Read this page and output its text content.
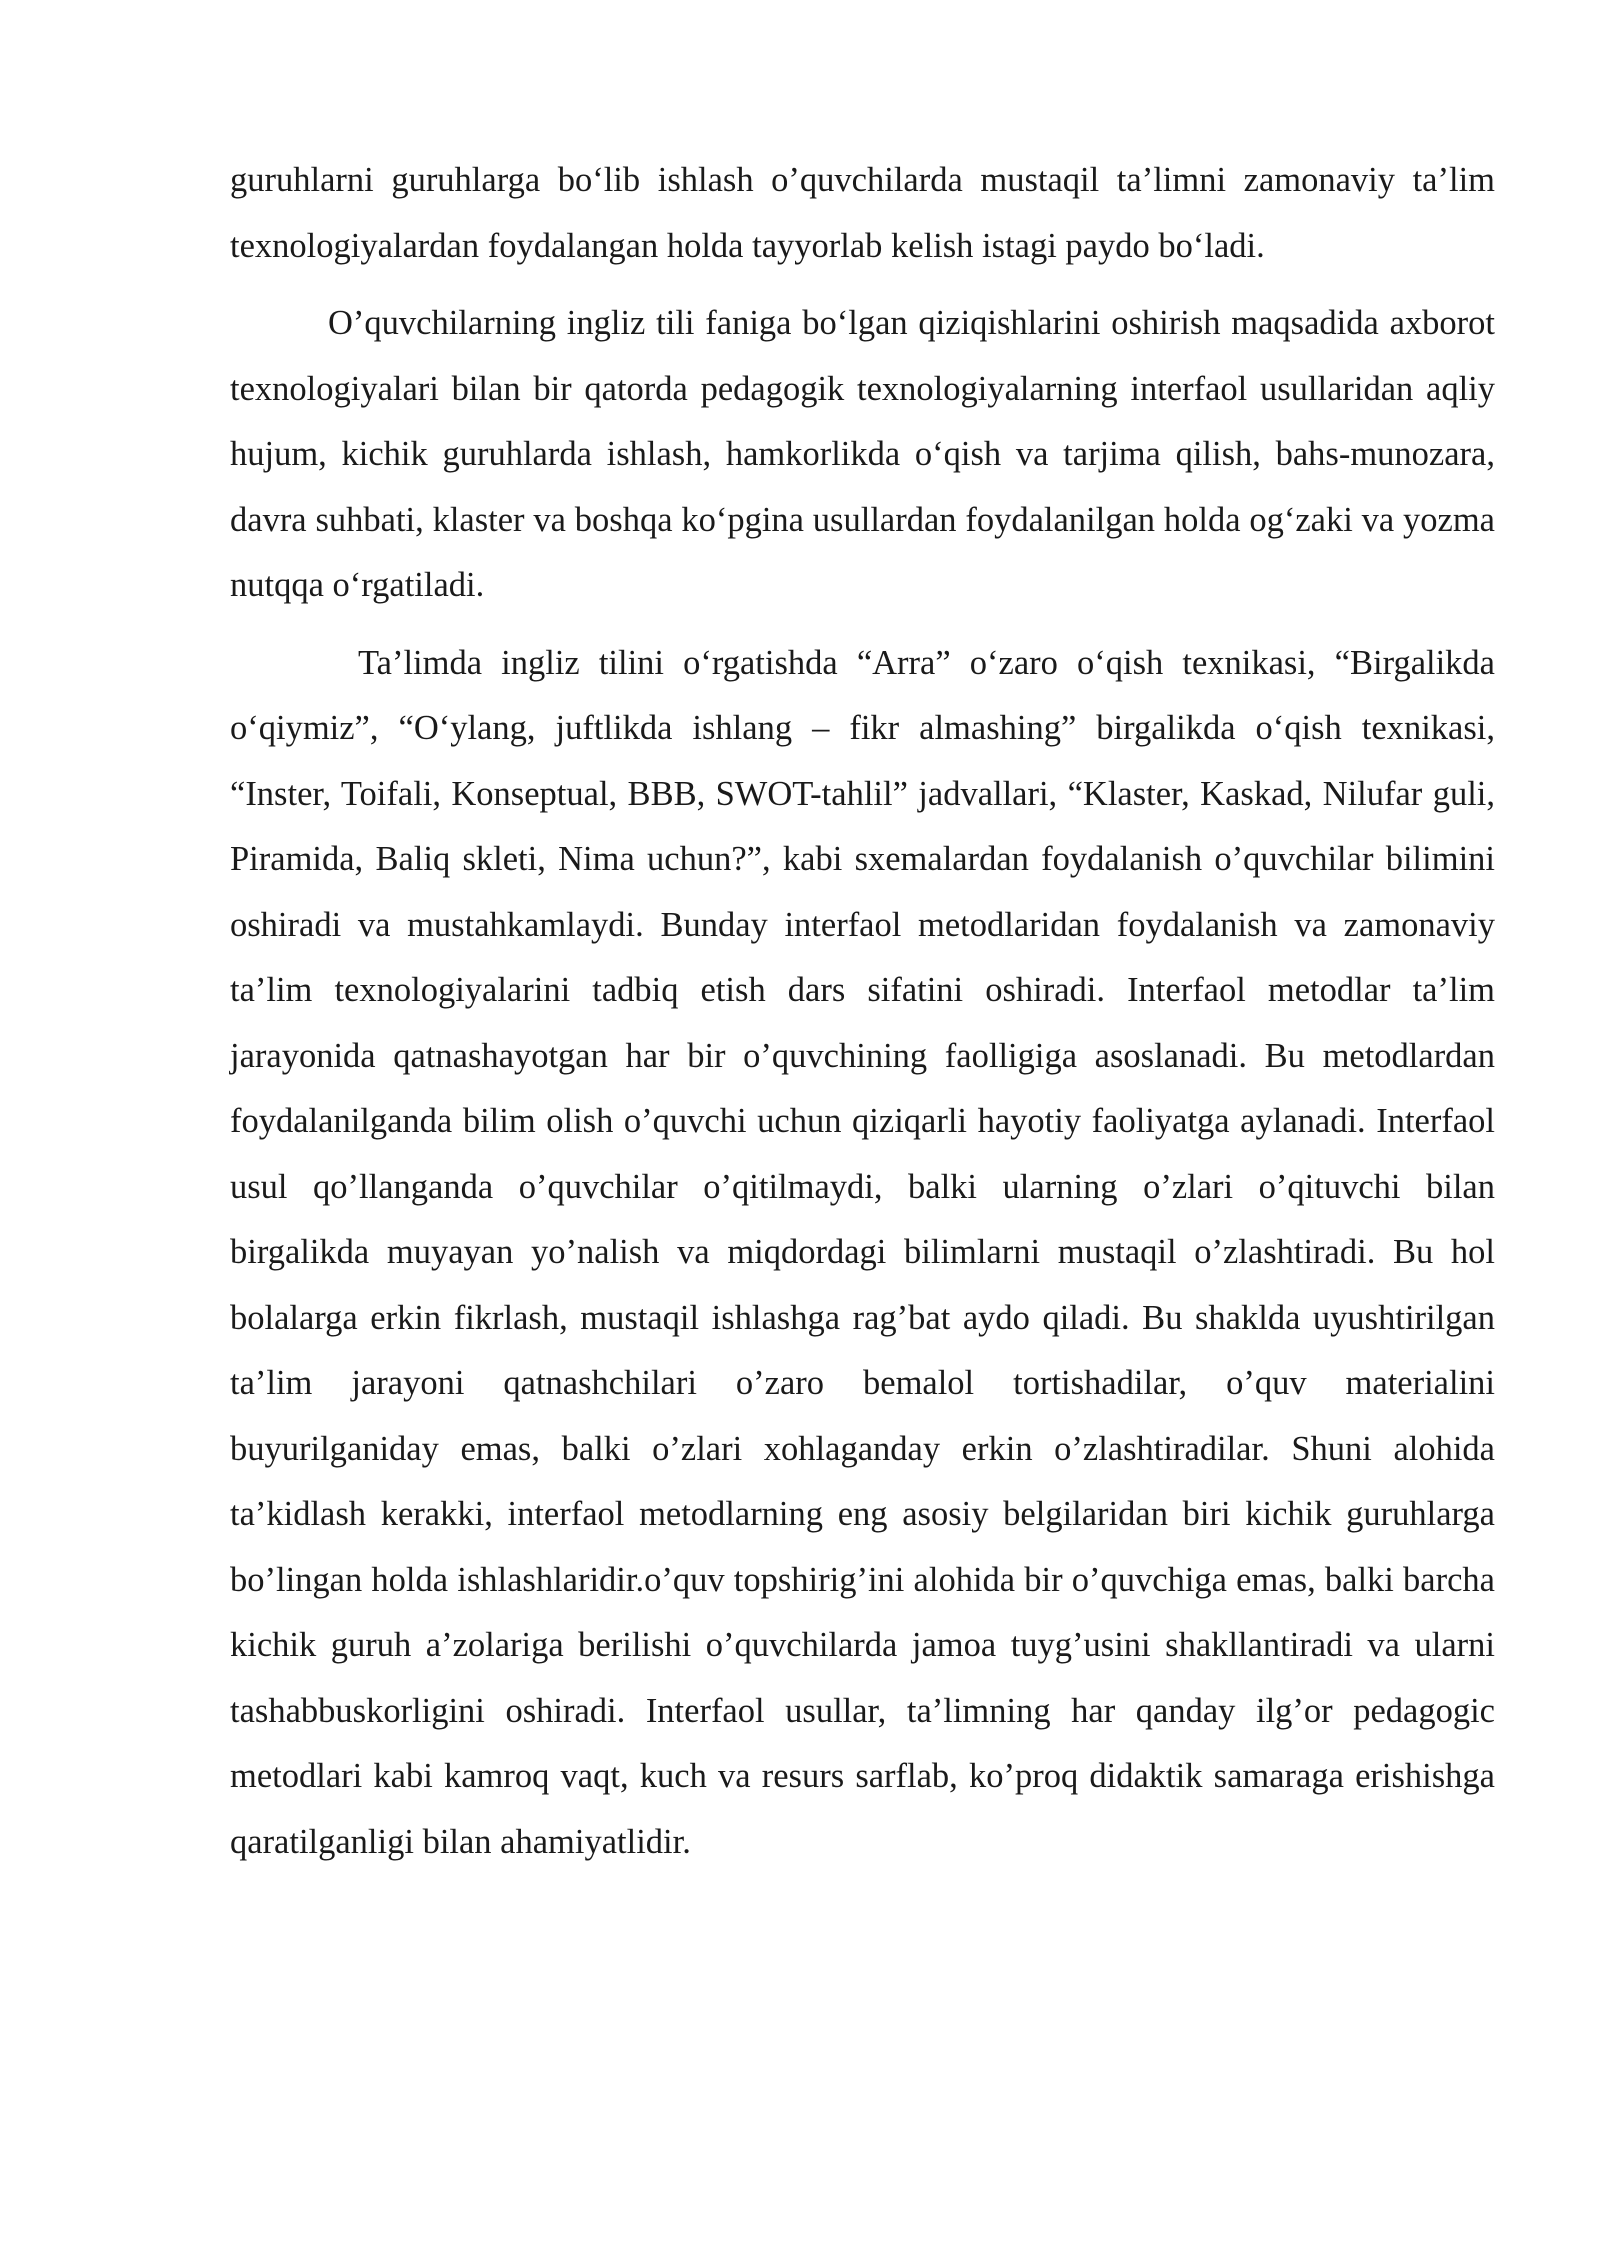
guruhlarni guruhlarga bo‘lib ishlash o’quvchilarda mustaqil ta’limni zamonaviy ta’lim texnologiyalardan foydalangan holda tayyorlab kelish istagi paydo bo‘ladi.

O’quvchilarning ingliz tili faniga bo‘lgan qiziqishlarini oshirish maqsadida axborot texnologiyalari bilan bir qatorda pedagogik texnologiyalarning interfaol usullaridan aqliy hujum, kichik guruhlarda ishlash, hamkorlikda o‘qish va tarjima qilish, bahs-munozara, davra suhbati, klaster va boshqa ko‘pgina usullardan foydalanilgan holda og‘zaki va yozma nutqqa o‘rgatiladi.

Ta’limda ingliz tilini o‘rgatishda “Arra” o‘zaro o‘qish texnikasi, “Birgalikda o‘qiymiz”, “O‘ylang, juftlikda ishlang – fikr almashing” birgalikda o‘qish texnikasi, “Inster, Toifali, Konseptual, BBB, SWOT-tahlil” jadvallari, “Klaster, Kaskad, Nilufar guli, Piramida, Baliq skleti, Nima uchun?”, kabi sxemalardan foydalanish o’quvchilar bilimini oshiradi va mustahkamlaydi. Bunday interfaol metodlaridan foydalanish va zamonaviy ta’lim texnologiyalarini tadbiq etish dars sifatini oshiradi. Interfaol metodlar ta’lim jarayonida qatnashayotgan har bir o’quvchining faolligiga asoslanadi. Bu metodlardan foydalanilganda bilim olish o’quvchi uchun qiziqarli hayotiy faoliyatga aylanadi. Interfaol usul qo’llanganda o’quvchilar o’qitilmaydi, balki ularning o’zlari o’qituvchi bilan birgalikda muyayan yo’nalish va miqdordagi bilimlarni mustaqil o’zlashtiradi. Bu hol bolalarga erkin fikrlash, mustaqil ishlashga rag’bat aydo qiladi. Bu shaklda uyushtirilgan ta’lim jarayoni qatnashchilari o’zaro bemalol tortishadilar, o’quv materialini buyurilganiday emas, balki o’zlari xohlaganday erkin o’zlashtiradilar. Shuni alohida ta’kidlash kerakki, interfaol metodlarning eng asosiy belgilaridan biri kichik guruhlarga bo’lingan holda ishlashlaridir.o’quv topshirig’ini alohida bir o’quvchiga emas, balki barcha kichik guruh a’zolariga berilishi o’quvchilarda jamoa tuyg’usini shakllantiradi va ularni tashabbuskorligini oshiradi. Interfaol usullar, ta’limning har qanday ilg’or pedagogic metodlari kabi kamroq vaqt, kuch va resurs sarflab, ko’proq didaktik samaraga erishishga qaratilganligi bilan ahamiyatlidir.
